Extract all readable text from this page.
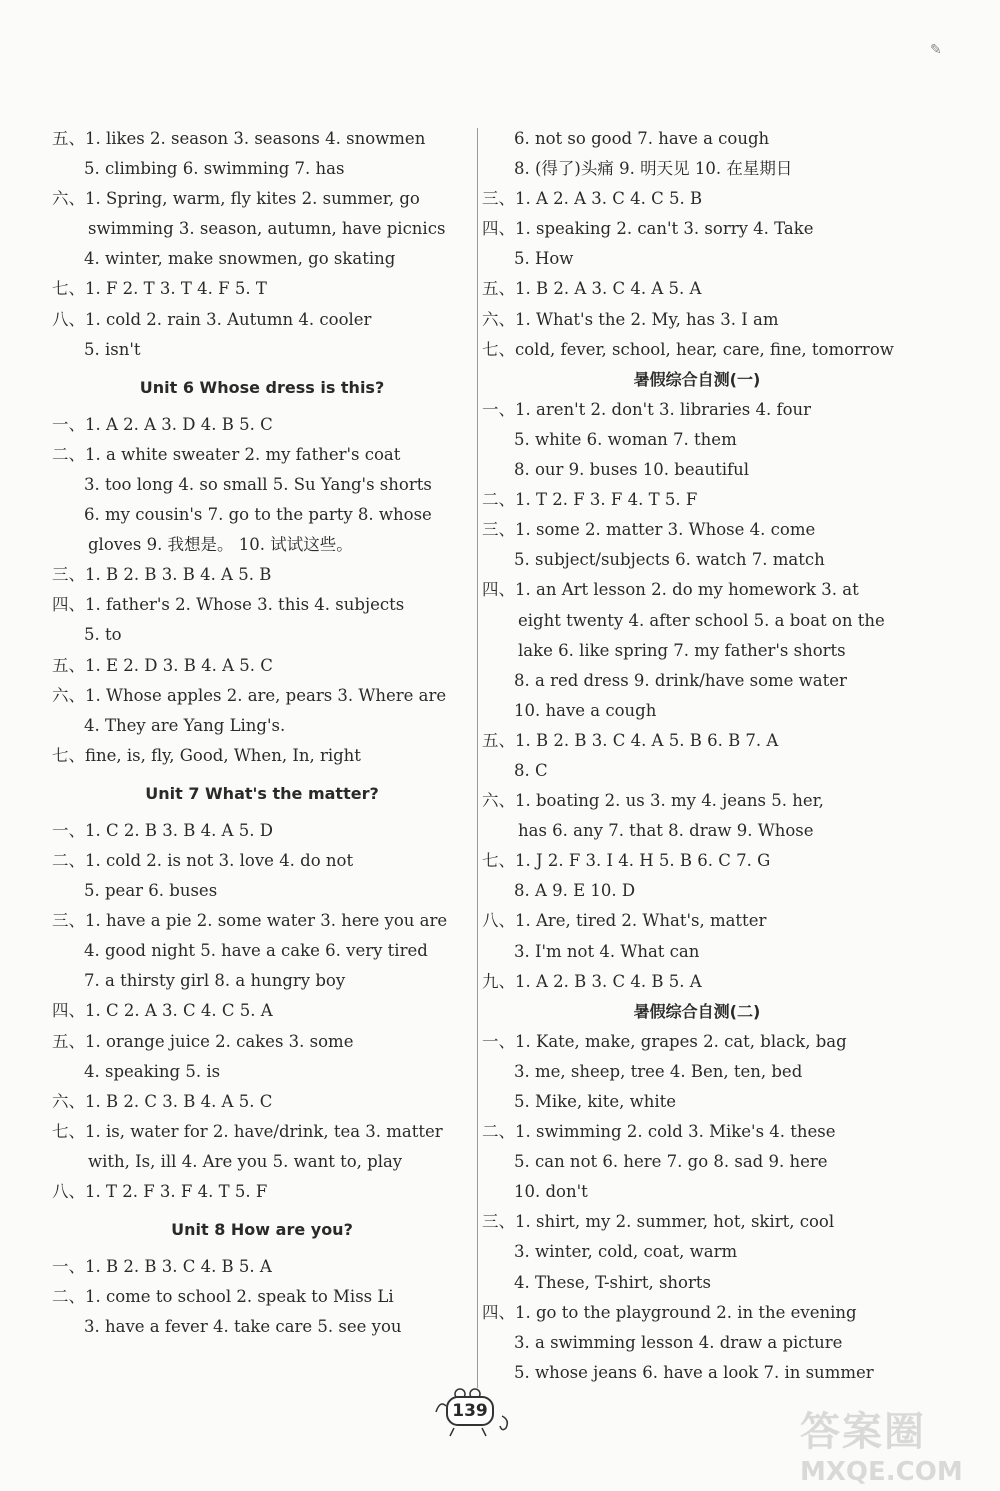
五、1. likes 2. season 3. seasons 4. snowmen
5. climbing 6. swimming 7. has
六、1. Spring, warm, fly kites 2. summer, go
swimming 3. season, autumn, have picnics
4. winter, make snowmen, go skating
七、1. F 2. T 3. T 4. F 5. T
八、1. cold 2. rain 3. Autumn 4. cooler
5. isn't
Unit 6 Whose dress is this?
一、1. A 2. A 3. D 4. B 5. C
二、1. a white sweater 2. my father's coat
3. too long 4. so small 5. Su Yang's shorts
6. my cousin's 7. go to the party 8. whose
gloves 9. 我想是。 10. 试试这些。
三、1. B 2. B 3. B 4. A 5. B
四、1. father's 2. Whose 3. this 4. subjects
5. to
五、1. E 2. D 3. B 4. A 5. C
六、1. Whose apples 2. are, pears 3. Where are
4. They are Yang Ling's.
七、fine, is, fly, Good, When, In, right
Unit 7 What's the matter?
一、1. C 2. B 3. B 4. A 5. D
二、1. cold 2. is not 3. love 4. do not
5. pear 6. buses
三、1. have a pie 2. some water 3. here you are
4. good night 5. have a cake 6. very tired
7. a thirsty girl 8. a hungry boy
四、1. C 2. A 3. C 4. C 5. A
五、1. orange juice 2. cakes 3. some
4. speaking 5. is
六、1. B 2. C 3. B 4. A 5. C
七、1. is, water for 2. have/drink, tea 3. matter
with, Is, ill 4. Are you 5. want to, play
八、1. T 2. F 3. F 4. T 5. F
Unit 8 How are you?
一、1. B 2. B 3. C 4. B 5. A
二、1. come to school 2. speak to Miss Li
3. have a fever 4. take care 5. see you
6. not so good 7. have a cough
8. (得了)头痛 9. 明天见 10. 在星期日
三、1. A 2. A 3. C 4. C 5. B
四、1. speaking 2. can't 3. sorry 4. Take
5. How
五、1. B 2. A 3. C 4. A 5. A
六、1. What's the 2. My, has 3. I am
七、cold, fever, school, hear, care, fine, tomorrow
暑假综合自测(一)
一、1. aren't 2. don't 3. libraries 4. four
5. white 6. woman 7. them
8. our 9. buses 10. beautiful
二、1. T 2. F 3. F 4. T 5. F
三、1. some 2. matter 3. Whose 4. come
5. subject/subjects 6. watch 7. match
四、1. an Art lesson 2. do my homework 3. at
eight twenty 4. after school 5. a boat on the
lake 6. like spring 7. my father's shorts
8. a red dress 9. drink/have some water
10. have a cough
五、1. B 2. B 3. C 4. A 5. B 6. B 7. A
8. C
六、1. boating 2. us 3. my 4. jeans 5. her,
has 6. any 7. that 8. draw 9. Whose
七、1. J 2. F 3. I 4. H 5. B 6. C 7. G
8. A 9. E 10. D
八、1. Are, tired 2. What's, matter
3. I'm not 4. What can
九、1. A 2. B 3. C 4. B 5. A
暑假综合自测(二)
一、1. Kate, make, grapes 2. cat, black, bag
3. me, sheep, tree 4. Ben, ten, bed
5. Mike, kite, white
二、1. swimming 2. cold 3. Mike's 4. these
5. can not 6. here 7. go 8. sad 9. here
10. don't
三、1. shirt, my 2. summer, hot, skirt, cool
3. winter, cold, coat, warm
4. These, T-shirt, shorts
四、1. go to the playground 2. in the evening
3. a swimming lesson 4. draw a picture
5. whose jeans 6. have a look 7. in summer
✎
139	答案圈
MXQE.COM
